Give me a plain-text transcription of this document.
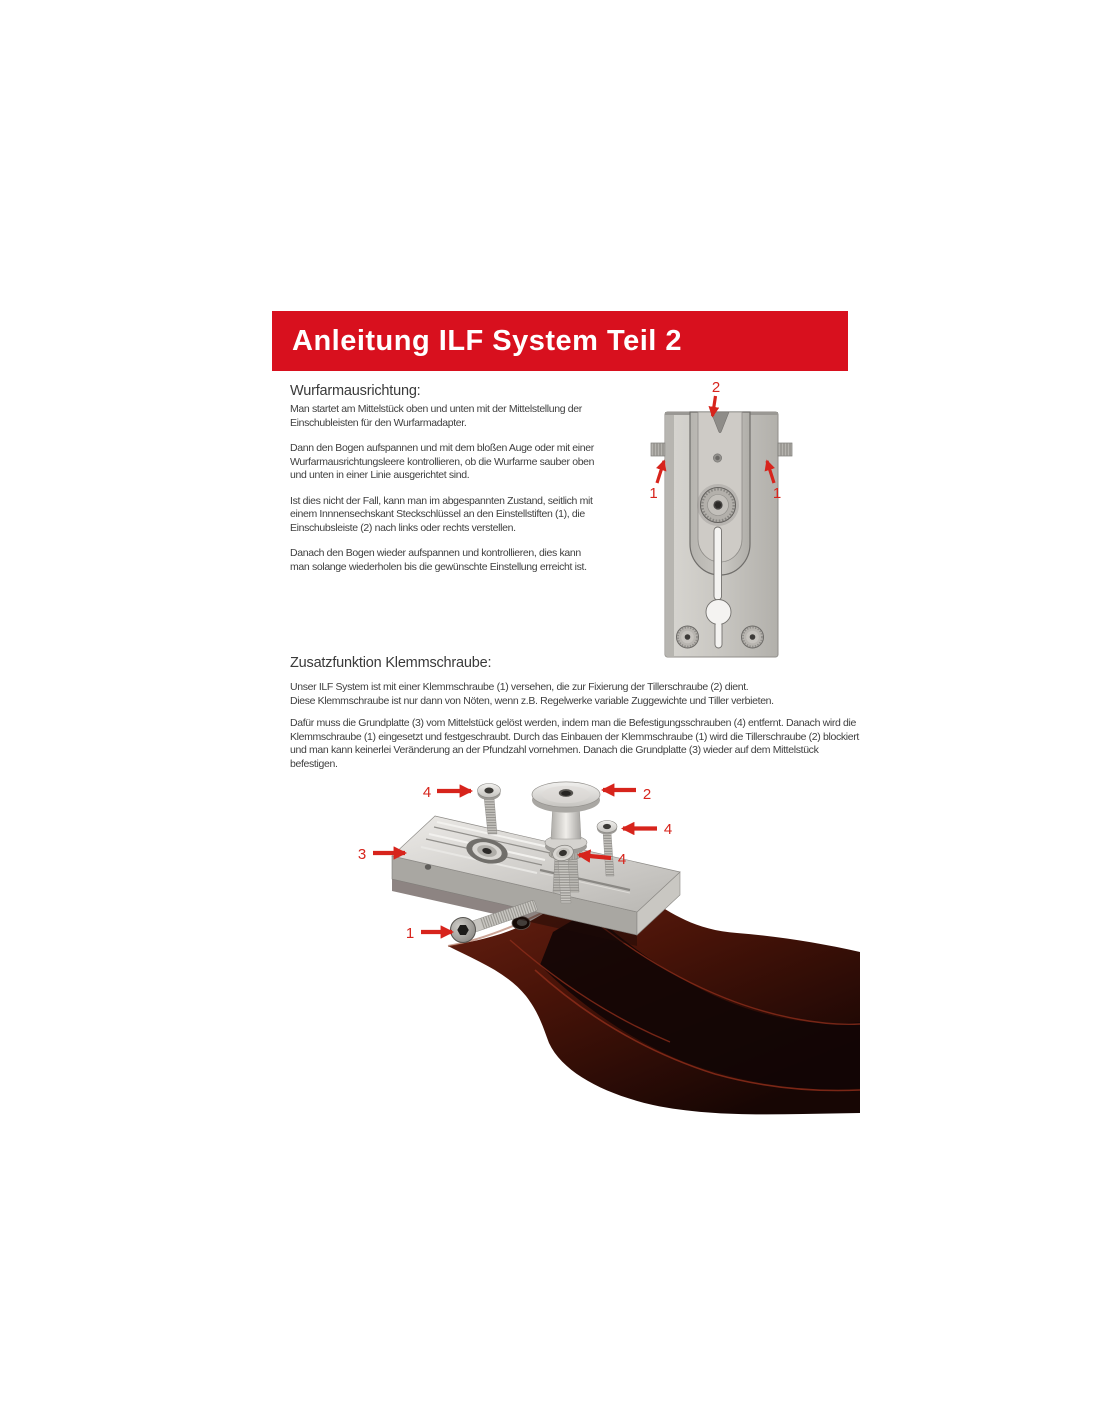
Anleitung ILF System Teil 2
Wurfarmausrichtung:

Man startet am Mittelstück oben und unten mit der Mittelstellung der Einschubleisten für den Wurfarmadapter.

Dann den Bogen aufspannen und mit dem bloßen Auge oder mit einer Wurfarmausrichtungsleere kontrollieren, ob die Wurfarme sauber oben und unten in einer Linie ausgerichtet sind.

Ist dies nicht der Fall, kann man im abgespannten Zustand, seitlich mit einem Innnensechskant Steckschlüssel an den Einstellstiften (1), die Einschubsleiste (2) nach links oder rechts verstellen.

Danach den Bogen wieder aufspannen und kontrollieren, dies kann man solange wiederholen bis die gewünschte Einstellung erreicht ist.

2
1	1
Zusatzfunktion Klemmschraube:

Unser ILF System ist mit einer Klemmschraube (1) versehen, die zur Fixierung der Tillerschraube (2) dient.

Diese Klemmschraube ist nur dann von Nöten, wenn z.B. Regelwerke variable Zuggewichte und Tiller verbieten.

Dafür muss die Grundplatte (3) vom Mittelstück gelöst werden, indem man die Befestigungsschrauben (4) entfernt. Danach wird die Klemmschraube (1) eingesetzt und festgeschraubt. Durch das Einbauen der Klemmschraube (1) wird die Tillerschraube (2) blockiert und man kann keinerlei Veränderung an der Pfundzahl vornehmen. Danach die Grundplatte (3) wieder auf dem Mittelstück befestigen.

4	2
4
4
3
1
